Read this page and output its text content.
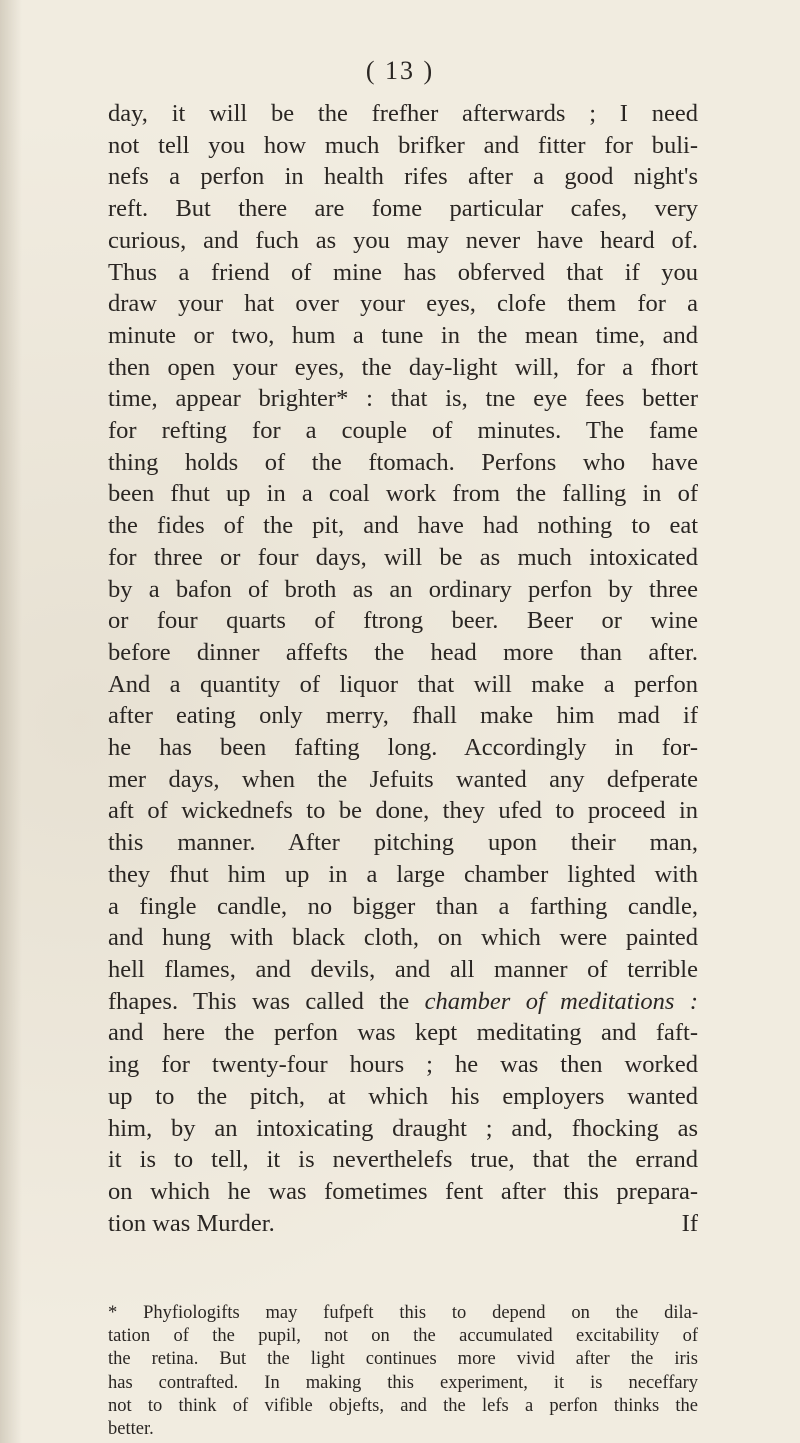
( 13 )
day, it will be the frefher afterwards ; I need
not tell you how much brifker and fitter for buli-
nefs a perfon in health rifes after a good night's
reft. But there are fome particular cafes, very
curious, and fuch as you may never have heard of.
Thus a friend of mine has obferved that if you
draw your hat over your eyes, clofe them for a
minute or two, hum a tune in the mean time, and
then open your eyes, the day-light will, for a fhort
time, appear brighter* : that is, tne eye fees better
for refting for a couple of minutes. The fame
thing holds of the ftomach. Perfons who have
been fhut up in a coal work from the falling in of
the fides of the pit, and have had nothing to eat
for three or four days, will be as much intoxicated
by a bafon of broth as an ordinary perfon by three
or four quarts of ftrong beer. Beer or wine
before dinner affefts the head more than after.
And a quantity of liquor that will make a perfon
after eating only merry, fhall make him mad if
he has been fafting long. Accordingly in for-
mer days, when the Jefuits wanted any defperate
aft of wickednefs to be done, they ufed to proceed in
this manner. After pitching upon their man,
they fhut him up in a large chamber lighted with
a fingle candle, no bigger than a farthing candle,
and hung with black cloth, on which were painted
hell flames, and devils, and all manner of terrible
fhapes. This was called the chamber of meditations :
and here the perfon was kept meditating and faft-
ing for twenty-four hours ; he was then worked
up to the pitch, at which his employers wanted
him, by an intoxicating draught ; and, fhocking as
it is to tell, it is neverthelefs true, that the errand
on which he was fometimes fent after this prepara-
tion was Murder.	If
* Phyfiologifts may fufpeft this to depend on the dila-
tation of the pupil, not on the accumulated excitability of
the retina. But the light continues more vivid after the iris
has contrafted. In making this experiment, it is neceffary
not to think of vifible objefts, and the lefs a perfon thinks the
better.
